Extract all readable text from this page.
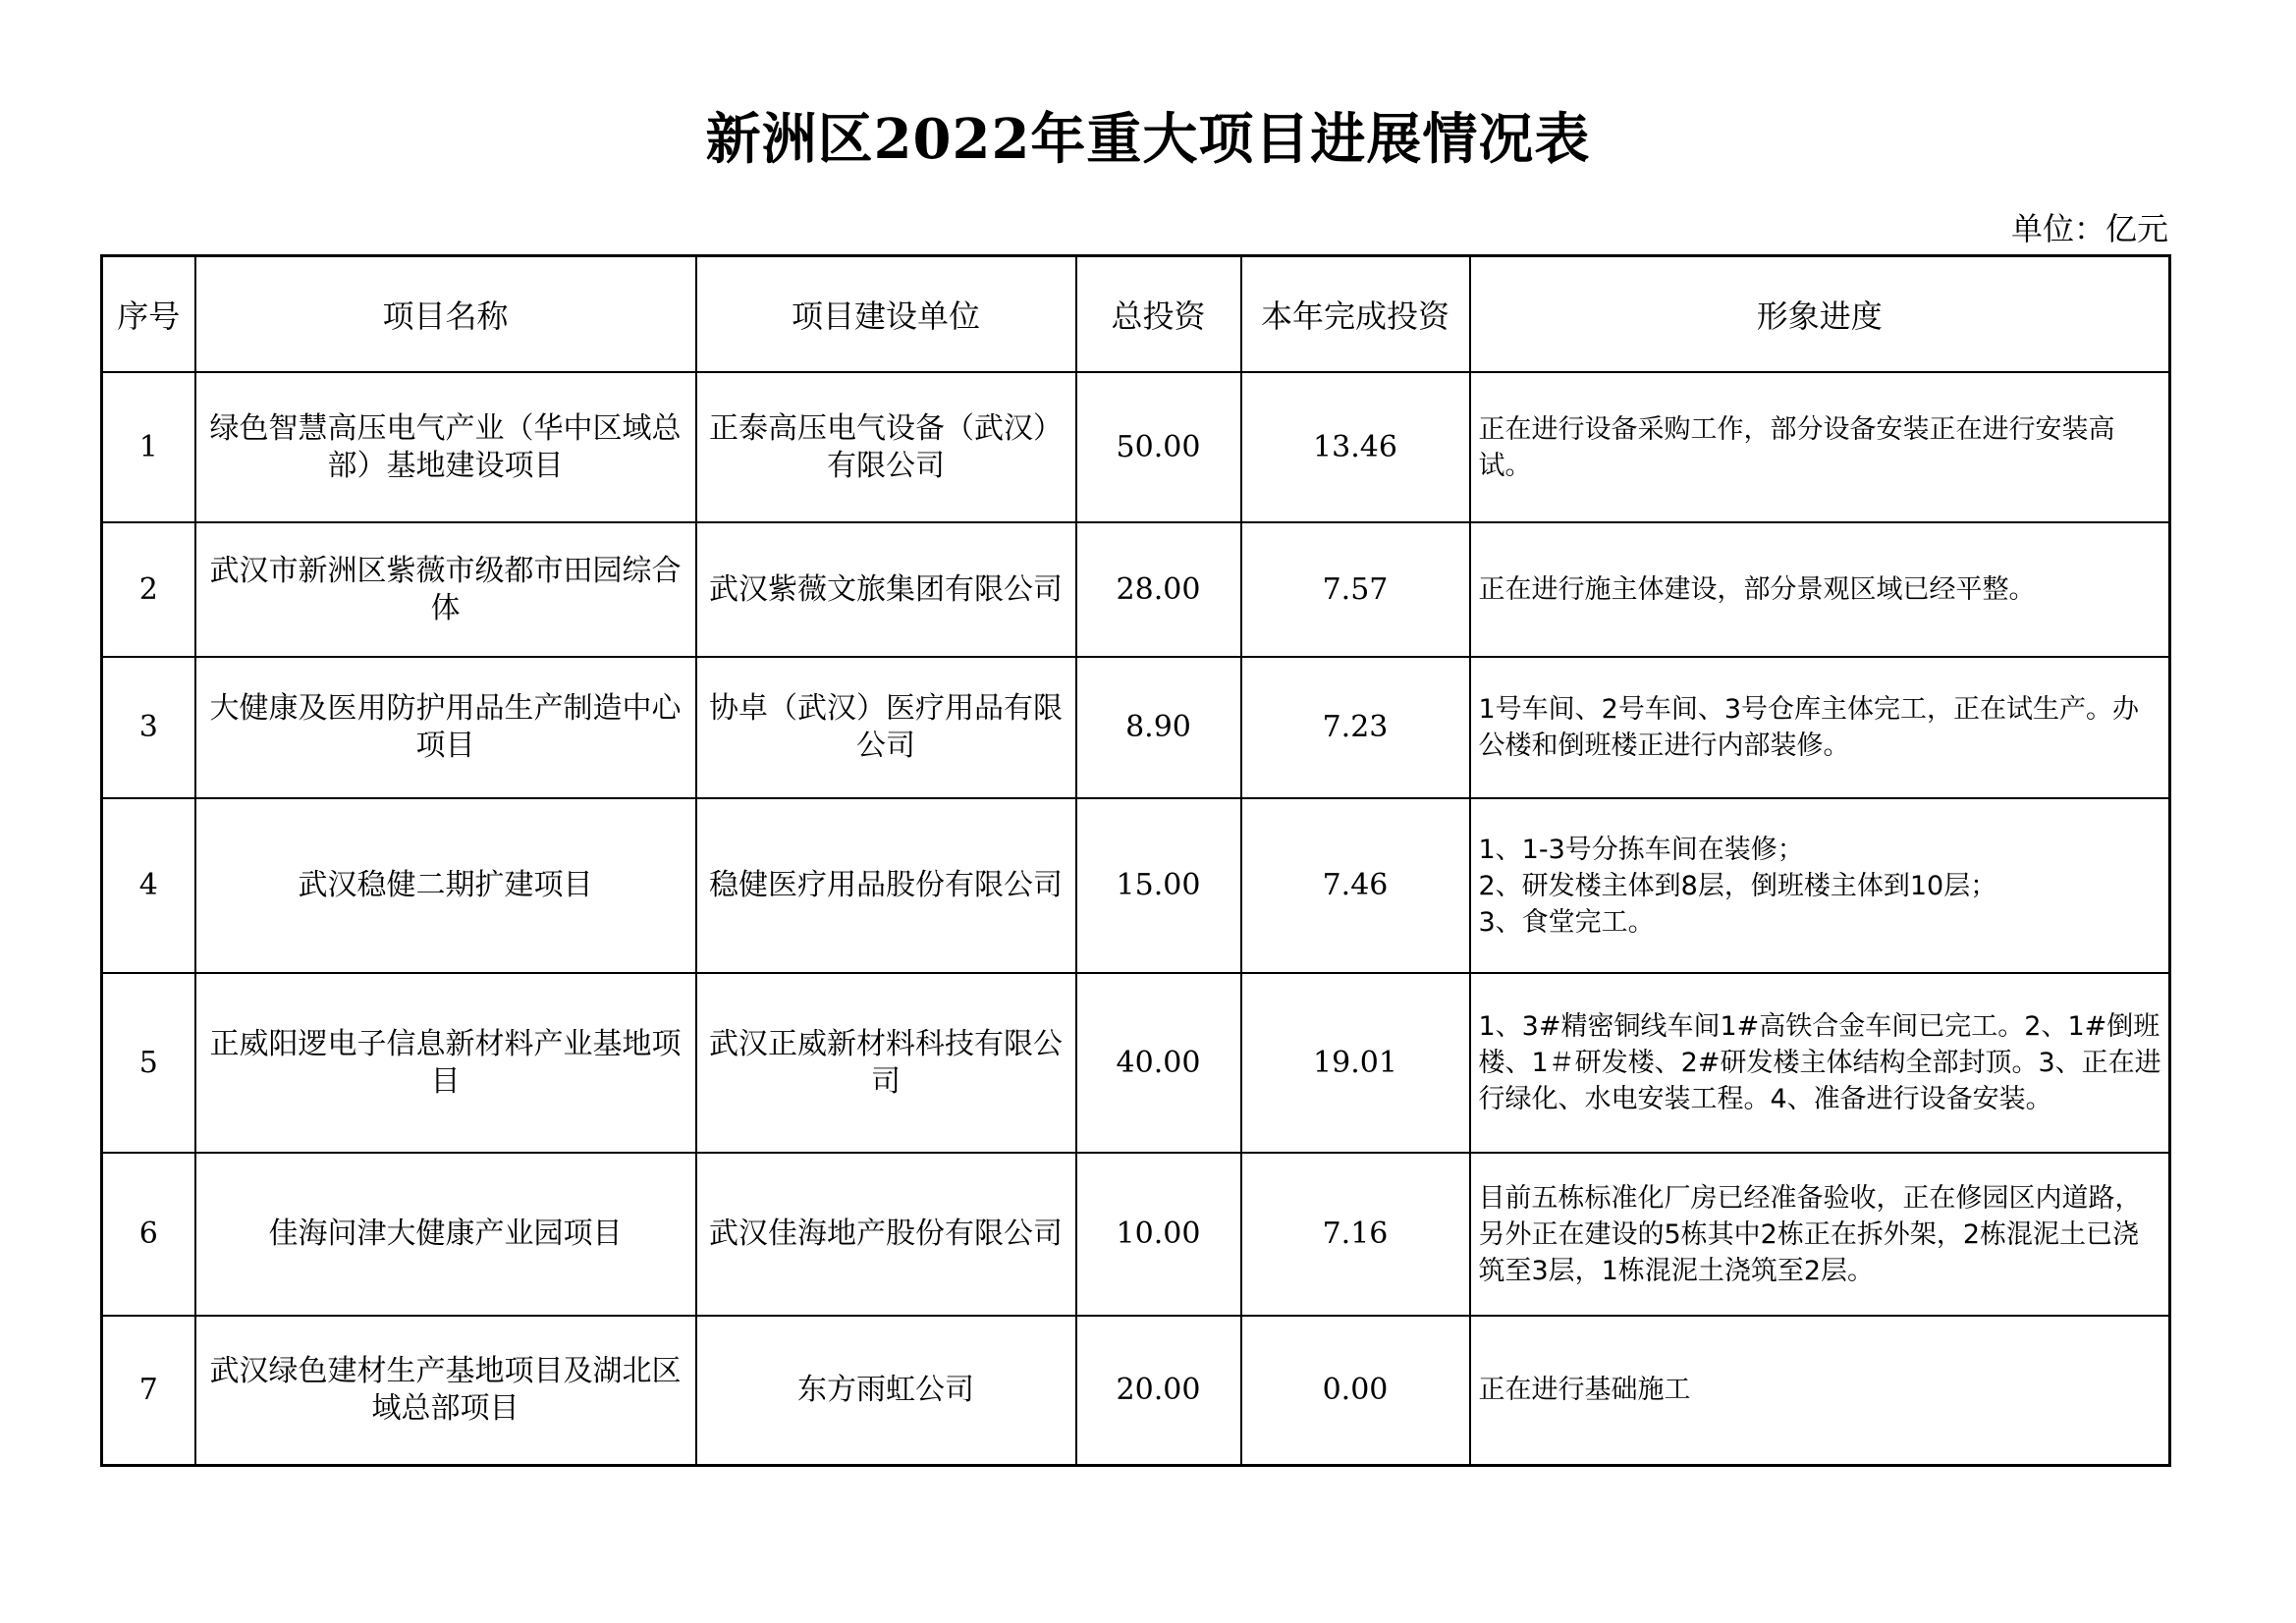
新洲区2022年重大项目进展情况表
单位：亿元
序号	项目名称	项目建设单位	总投资	本年完成投资	形象进度
1	绿色智慧高压电气产业（华中区域总部）基地建设项目	正泰高压电气设备（武汉）有限公司	50.00	13.46	正在进行设备采购工作，部分设备安装正在进行安装高试。

2	武汉市新洲区紫薇市级都市田园综合体	武汉紫薇文旅集团有限公司	28.00	7.57	正在进行施主体建设，部分景观区域已经平整。

3	大健康及医用防护用品生产制造中心项目	协卓（武汉）医疗用品有限公司	8.90	7.23	1号车间、2号车间、3号仓库主体完工，正在试生产。办公楼和倒班楼正进行内部装修。

4	武汉稳健二期扩建项目	稳健医疗用品股份有限公司	15.00	7.46	1、1-3号分拣车间在装修；
2、研发楼主体到8层，倒班楼主体到10层；
3、食堂完工。

5	正威阳逻电子信息新材料产业基地项目	武汉正威新材料科技有限公司	40.00	19.01	1、3#精密铜线车间1#高铁合金车间已完工。2、1#倒班楼、1＃研发楼、2#研发楼主体结构全部封顶。3、正在进行绿化、水电安装工程。4、准备进行设备安装。

6	佳海问津大健康产业园项目	武汉佳海地产股份有限公司	10.00	7.16	目前五栋标准化厂房已经准备验收，正在修园区内道路，另外正在建设的5栋其中2栋正在拆外架，2栋混泥土已浇筑至3层，1栋混泥土浇筑至2层。

7	武汉绿色建材生产基地项目及湖北区域总部项目	东方雨虹公司	20.00	0.00	正在进行基础施工
